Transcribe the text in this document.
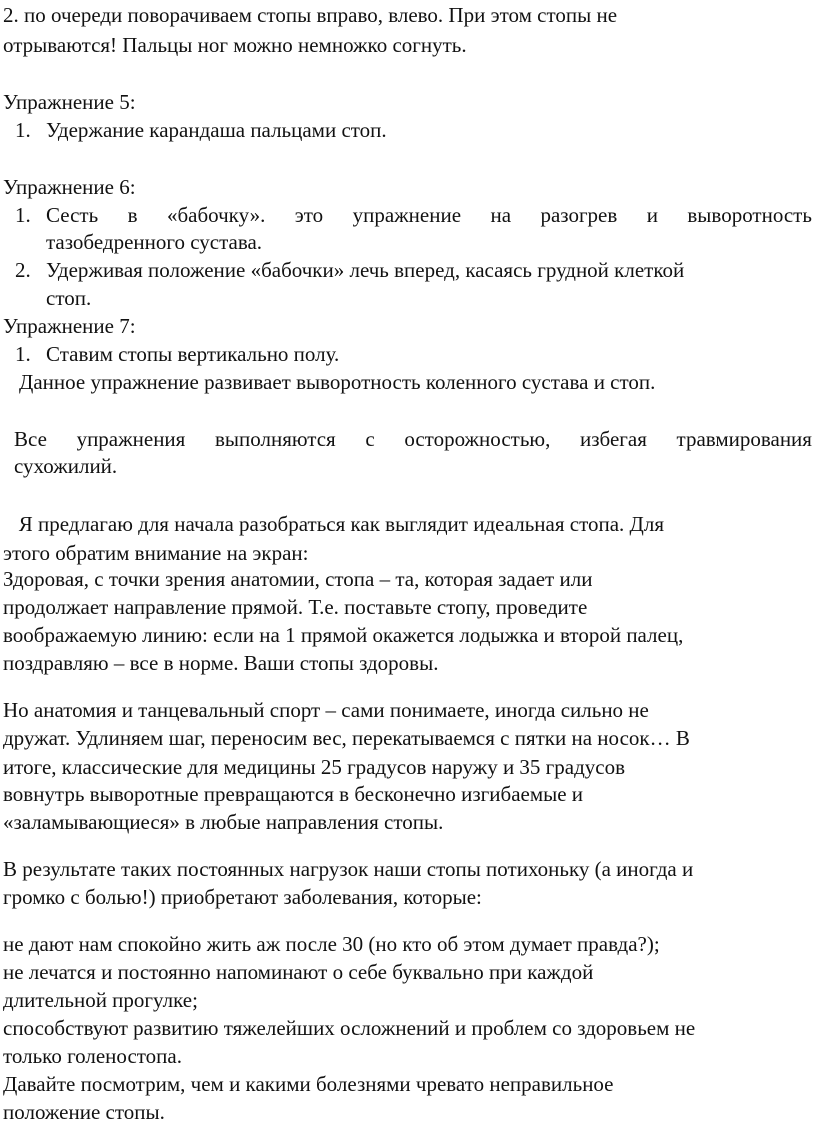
2. по очереди поворачиваем стопы вправо, влево. При этом стопы не
отрываются! Пальцы ног можно немножко согнуть.
Упражнение 5:
1. Удержание карандаша пальцами стоп.
Упражнение 6:
1. Сесть в «бабочку». это упражнение на разогрев и выворотность
тазобедренного сустава.
2. Удерживая положение «бабочки» лечь вперед, касаясь грудной клеткой
стоп.
Упражнение 7:
1. Ставим стопы вертикально полу.
Данное упражнение развивает выворотность коленного сустава и стоп.
Все упражнения выполняются с осторожностью, избегая травмирования
сухожилий.
Я предлагаю для начала разобраться как выглядит идеальная стопа. Для
этого обратим внимание на экран:
Здоровая, с точки зрения анатомии, стопа – та, которая задает или
продолжает направление прямой. Т.е. поставьте стопу, проведите
воображаемую линию: если на 1 прямой окажется лодыжка и второй палец,
поздравляю – все в норме. Ваши стопы здоровы.
Но анатомия и танцевальный спорт – сами понимаете, иногда сильно не
дружат. Удлиняем шаг, переносим вес, перекатываемся с пятки на носок… В
итоге, классические для медицины 25 градусов наружу и 35 градусов
вовнутрь выворотные превращаются в бесконечно изгибаемые и
«заламывающиеся» в любые направления стопы.
В результате таких постоянных нагрузок наши стопы потихоньку (а иногда и
громко с болью!) приобретают заболевания, которые:
не дают нам спокойно жить аж после 30 (но кто об этом думает правда?);
не лечатся и постоянно напоминают о себе буквально при каждой
длительной прогулке;
способствуют развитию тяжелейших осложнений и проблем со здоровьем не
только голеностопа.
Давайте посмотрим, чем и какими болезнями чревато неправильное
положение стопы.
